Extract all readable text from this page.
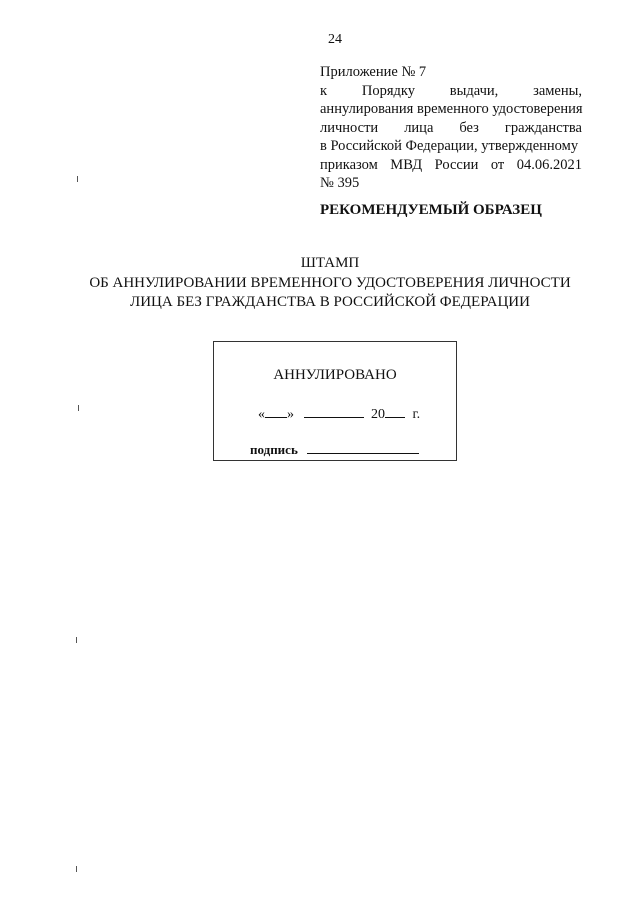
24
Приложение № 7
к Порядку выдачи, замены,
аннулирования временного удостоверения
личности лица без гражданства
в Российской Федерации, утвержденному
приказом МВД России от 04.06.2021
№ 395
РЕКОМЕНДУЕМЫЙ ОБРАЗЕЦ
ШТАМП
ОБ АННУЛИРОВАНИИ ВРЕМЕННОГО УДОСТОВЕРЕНИЯ ЛИЧНОСТИ
ЛИЦА БЕЗ ГРАЖДАНСТВА В РОССИЙСКОЙ ФЕДЕРАЦИИ
АННУЛИРОВАНО
« »	20 г.
подпись
